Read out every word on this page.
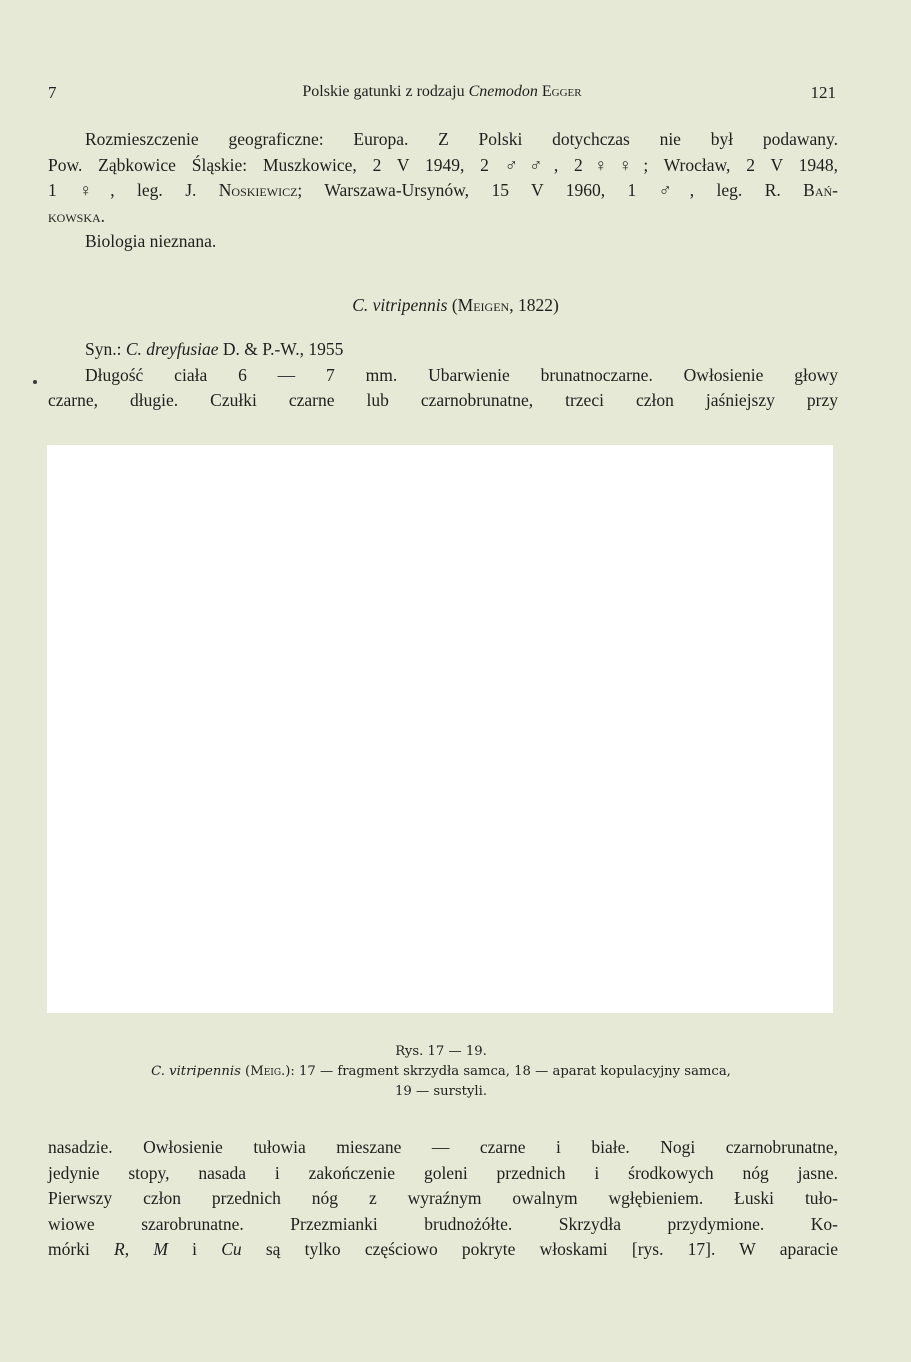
7	Polskie gatunki z rodzaju Cnemodon Egger	121
Rozmieszczenie geograficzne: Europa. Z Polski dotychczas nie był podawany.
Pow. Ząbkowice Śląskie: Muszkowice, 2 V 1949, 2 ♂♂, 2♀♀; Wrocław, 2 V 1948,
1 ♀, leg. J. Noskiewicz; Warszawa-Ursynów, 15 V 1960, 1 ♂, leg. R. Bań-
kowska.
Biologia nieznana.
C. vitripennis (Meigen, 1822)
Syn.: C. dreyfusiae D. & P.-W., 1955
Długość ciała 6 — 7 mm. Ubarwienie brunatnoczarne. Owłosienie głowy
czarne, długie. Czułki czarne lub czarnobrunatne, trzeci człon jaśniejszy przy
Rys. 17 — 19.
C. vitripennis (Meig.): 17 — fragment skrzydła samca, 18 — aparat kopulacyjny samca,
19 — surstyli.
nasadzie. Owłosienie tułowia mieszane — czarne i białe. Nogi czarnobrunatne,
jedynie stopy, nasada i zakończenie goleni przednich i środkowych nóg jasne.
Pierwszy człon przednich nóg z wyraźnym owalnym wgłębieniem. Łuski tuło-
wiowe szarobrunatne. Przezmianki brudnożółte. Skrzydła przydymione. Ko-
mórki R, M i Cu są tylko częściowo pokryte włoskami [rys. 17]. W aparacie
